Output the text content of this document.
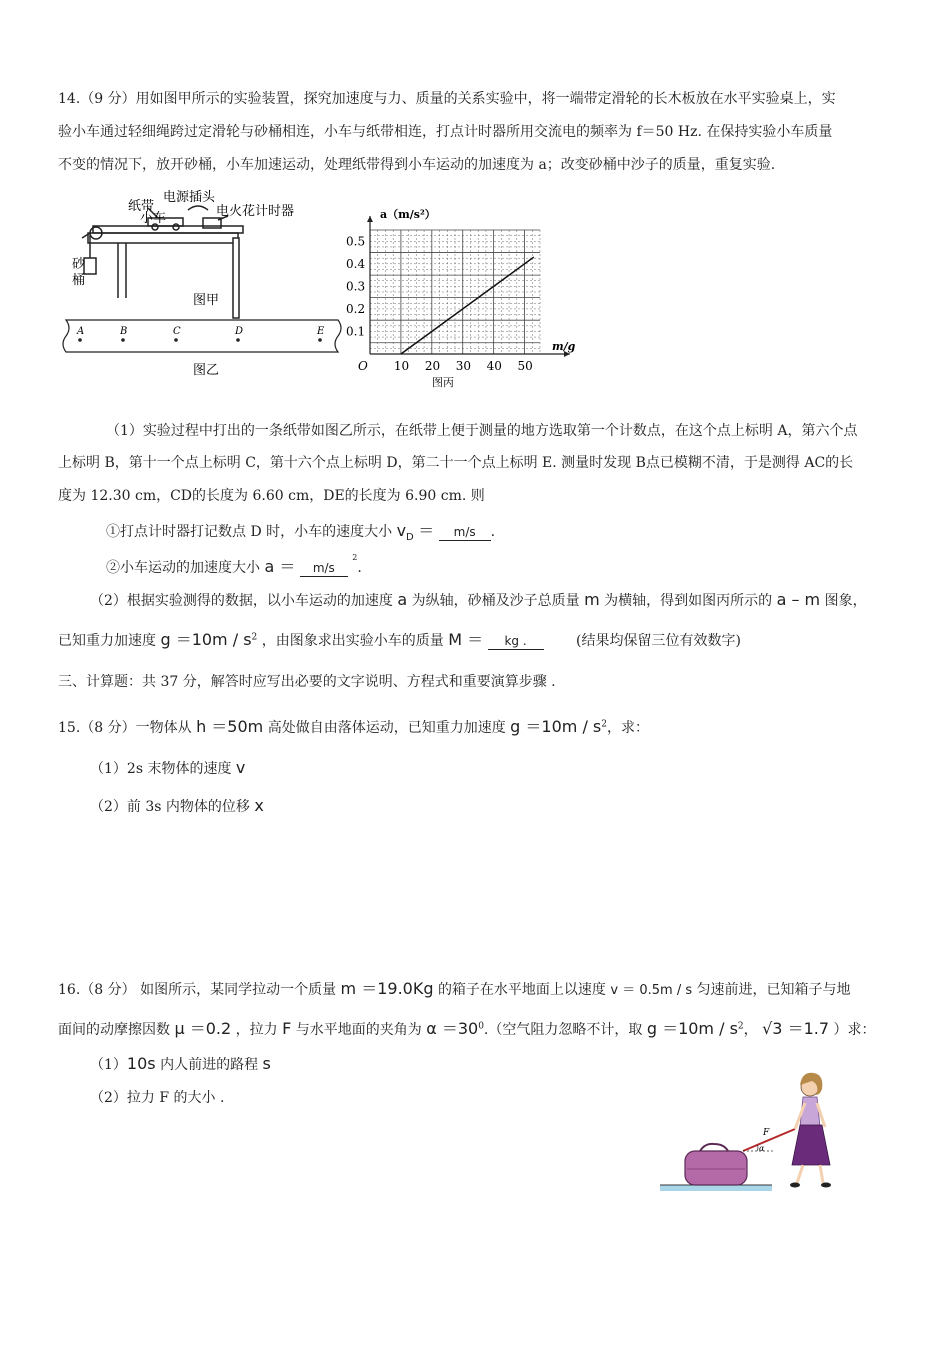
14.（9 分）用如图甲所示的实验装置，探究加速度与力、质量的关系实验中，将一端带定滑轮的长木板放在水平实验桌上，实
验小车通过轻细绳跨过定滑轮与砂桶相连，小车与纸带相连，打点计时器所用交流电的频率为 f＝50 Hz. 在保持实验小车质量
不变的情况下，放开砂桶，小车加速运动，处理纸带得到小车运动的加速度为 a；改变砂桶中沙子的质量，重复实验.
纸带
电源插头
小车	电火花计时器
砂
桶
图甲
A	B	C	D	E
图乙	10 20 30 40 50
0.1
0.2
0.3
0.4
0.5
O
a（m/s²）
m/g
图丙
（1）实验过程中打出的一条纸带如图乙所示，在纸带上便于测量的地方选取第一个计数点，在这个点上标明 A，第六个点
上标明 B，第十一个点上标明 C，第十六个点上标明 D，第二十一个点上标明 E. 测量时发现 B点已模糊不清，于是测得 AC的长
度为 12.30 cm，CD的长度为 6.60 cm，DE的长度为 6.90 cm. 则
①打点计时器打记数点 D 时，小车的速度大小 $v_D = m/s$ .
②小车运动的加速度大小 a ＝ m/s $^2$.
（2）根据实验测得的数据，以小车运动的加速度 a 为纵轴，砂桶及沙子总质量 m 为横轴，得到如图丙所示的 a – m 图象，
已知重力加速度 $g =10m / s^2$ ，由图象求出实验小车的质量 M ＝ kg .	(结果均保留三位有效数字)
三、计算题：共 37 分，解答时应写出必要的文字说明、方程式和重要演算步骤 .
15.（8 分）一物体从 h ＝50m 高处做自由落体运动，已知重力加速度 $g =10m / s^2$，求：
（1）2s 末物体的速度 v
（2）前 3s 内物体的位移 x
16.（8 分） 如图所示，某同学拉动一个质量 m ＝19.0Kg 的箱子在水平地面上以速度 v ＝ 0.5m / s 匀速前进，已知箱子与地
面间的动摩擦因数 μ ＝0.2 ，拉力 F 与水平地面的夹角为 $\alpha =30^0$.（空气阻力忽略不计，取 $g =10m / s^2$， √3 ＝1.7 ）求：
（1）10s 内人前进的路程 s
（2）拉力 F 的大小 .
F
α
